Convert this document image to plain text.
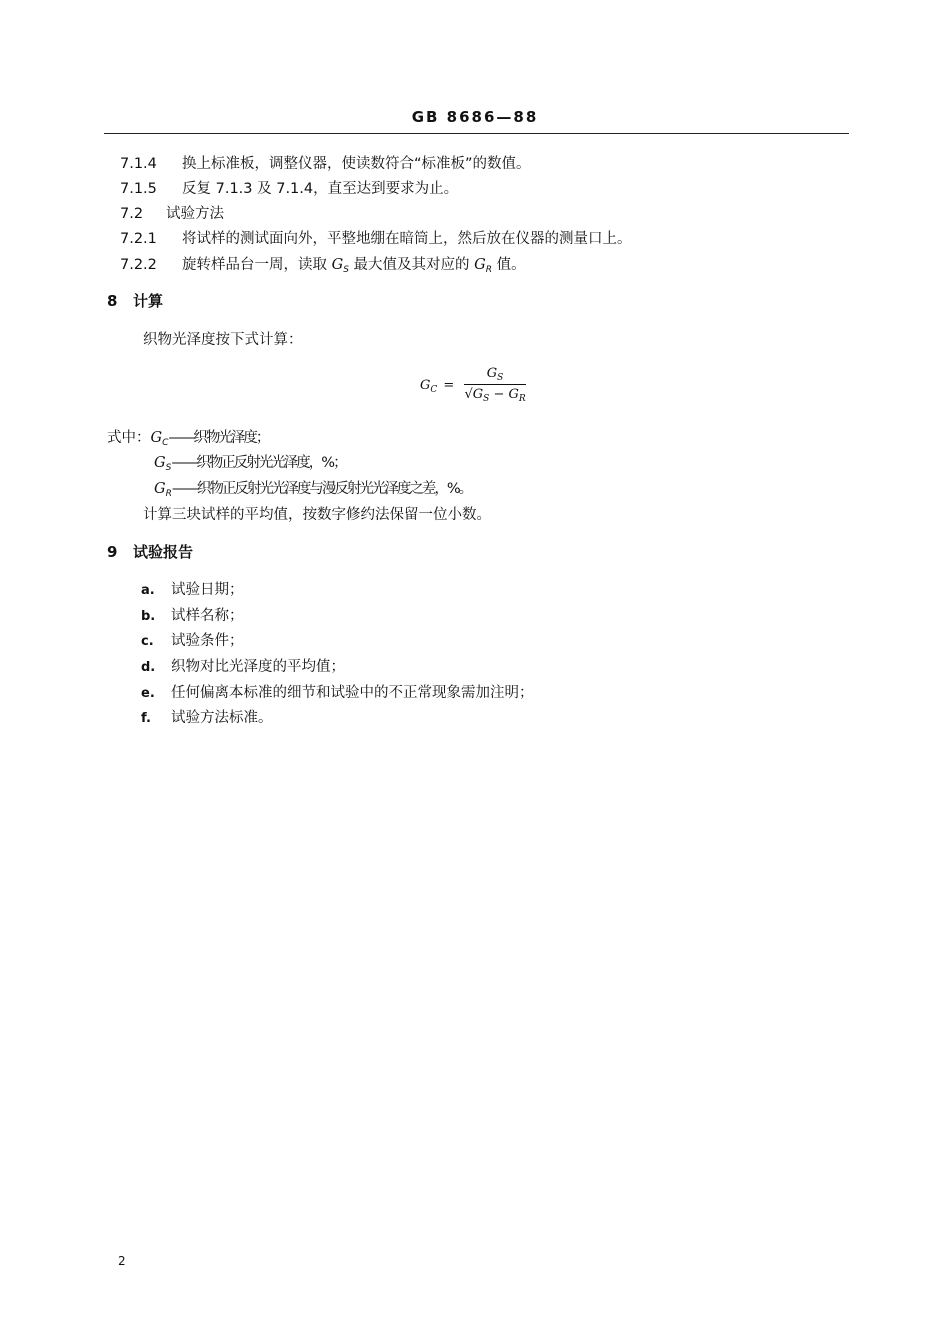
GB 8686—88
7.1.4 换上标准板，调整仪器，使读数符合“标准板”的数值。
7.1.5 反复 7.1.3 及 7.1.4，直至达到要求为止。
7.2 试验方法
7.2.1 将试样的测试面向外，平整地绷在暗筒上，然后放在仪器的测量口上。
7.2.2 旋转样品台一周，读取 $G_S$ 最大值及其对应的 $G_R$ 值。
8 计算
织物光泽度按下式计算：
$G_C = \frac{G_S}{√G_S - G_R}$
式中：$G_C——$织物光泽度；
$G_S——$织物正反射光光泽度，%；
$G_R——$织物正反射光光泽度与漫反射光光泽度之差，%。
计算三块试样的平均值，按数字修约法保留一位小数。
9 试验报告
a. 试验日期；
b. 试样名称；
c. 试验条件；
d. 织物对比光泽度的平均值；
e. 任何偏离本标准的细节和试验中的不正常现象需加注明；
f. 试验方法标准。
2
